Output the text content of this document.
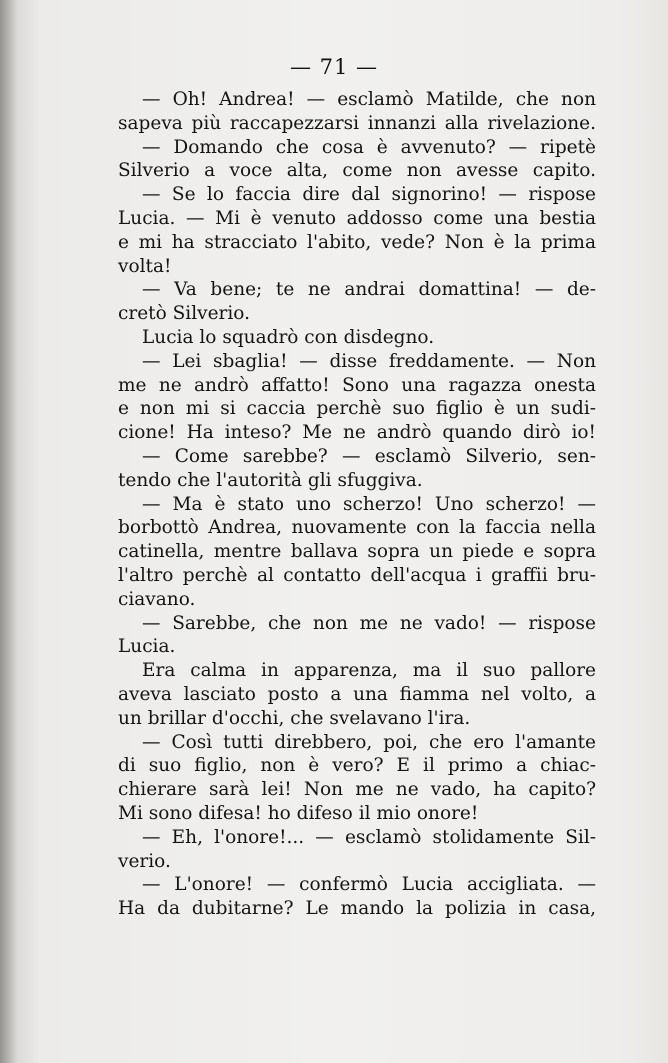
— 71 —
— Oh! Andrea! — esclamò Matilde, che non
sapeva più raccapezzarsi innanzi alla rivelazione.
— Domando che cosa è avvenuto? — ripetè
Silverio a voce alta, come non avesse capito.
— Se lo faccia dire dal signorino! — rispose
Lucia. — Mi è venuto addosso come una bestia
e mi ha stracciato l'abito, vede? Non è la prima
volta!
— Va bene; te ne andrai domattina! — de-
cretò Silverio.
Lucia lo squadrò con disdegno.
— Lei sbaglia! — disse freddamente. — Non
me ne andrò affatto! Sono una ragazza onesta
e non mi si caccia perchè suo figlio è un sudi-
cione! Ha inteso? Me ne andrò quando dirò io!
— Come sarebbe? — esclamò Silverio, sen-
tendo che l'autorità gli sfuggiva.
— Ma è stato uno scherzo! Uno scherzo! —
borbottò Andrea, nuovamente con la faccia nella
catinella, mentre ballava sopra un piede e sopra
l'altro perchè al contatto dell'acqua i graffii bru-
ciavano.
— Sarebbe, che non me ne vado! — rispose
Lucia.
Era calma in apparenza, ma il suo pallore
aveva lasciato posto a una fiamma nel volto, a
un brillar d'occhi, che svelavano l'ira.
— Così tutti direbbero, poi, che ero l'amante
di suo figlio, non è vero? E il primo a chiac-
chierare sarà lei! Non me ne vado, ha capito?
Mi sono difesa! ho difeso il mio onore!
— Eh, l'onore!... — esclamò stolidamente Sil-
verio.
— L'onore! — confermò Lucia accigliata. —
Ha da dubitarne? Le mando la polizia in casa,
